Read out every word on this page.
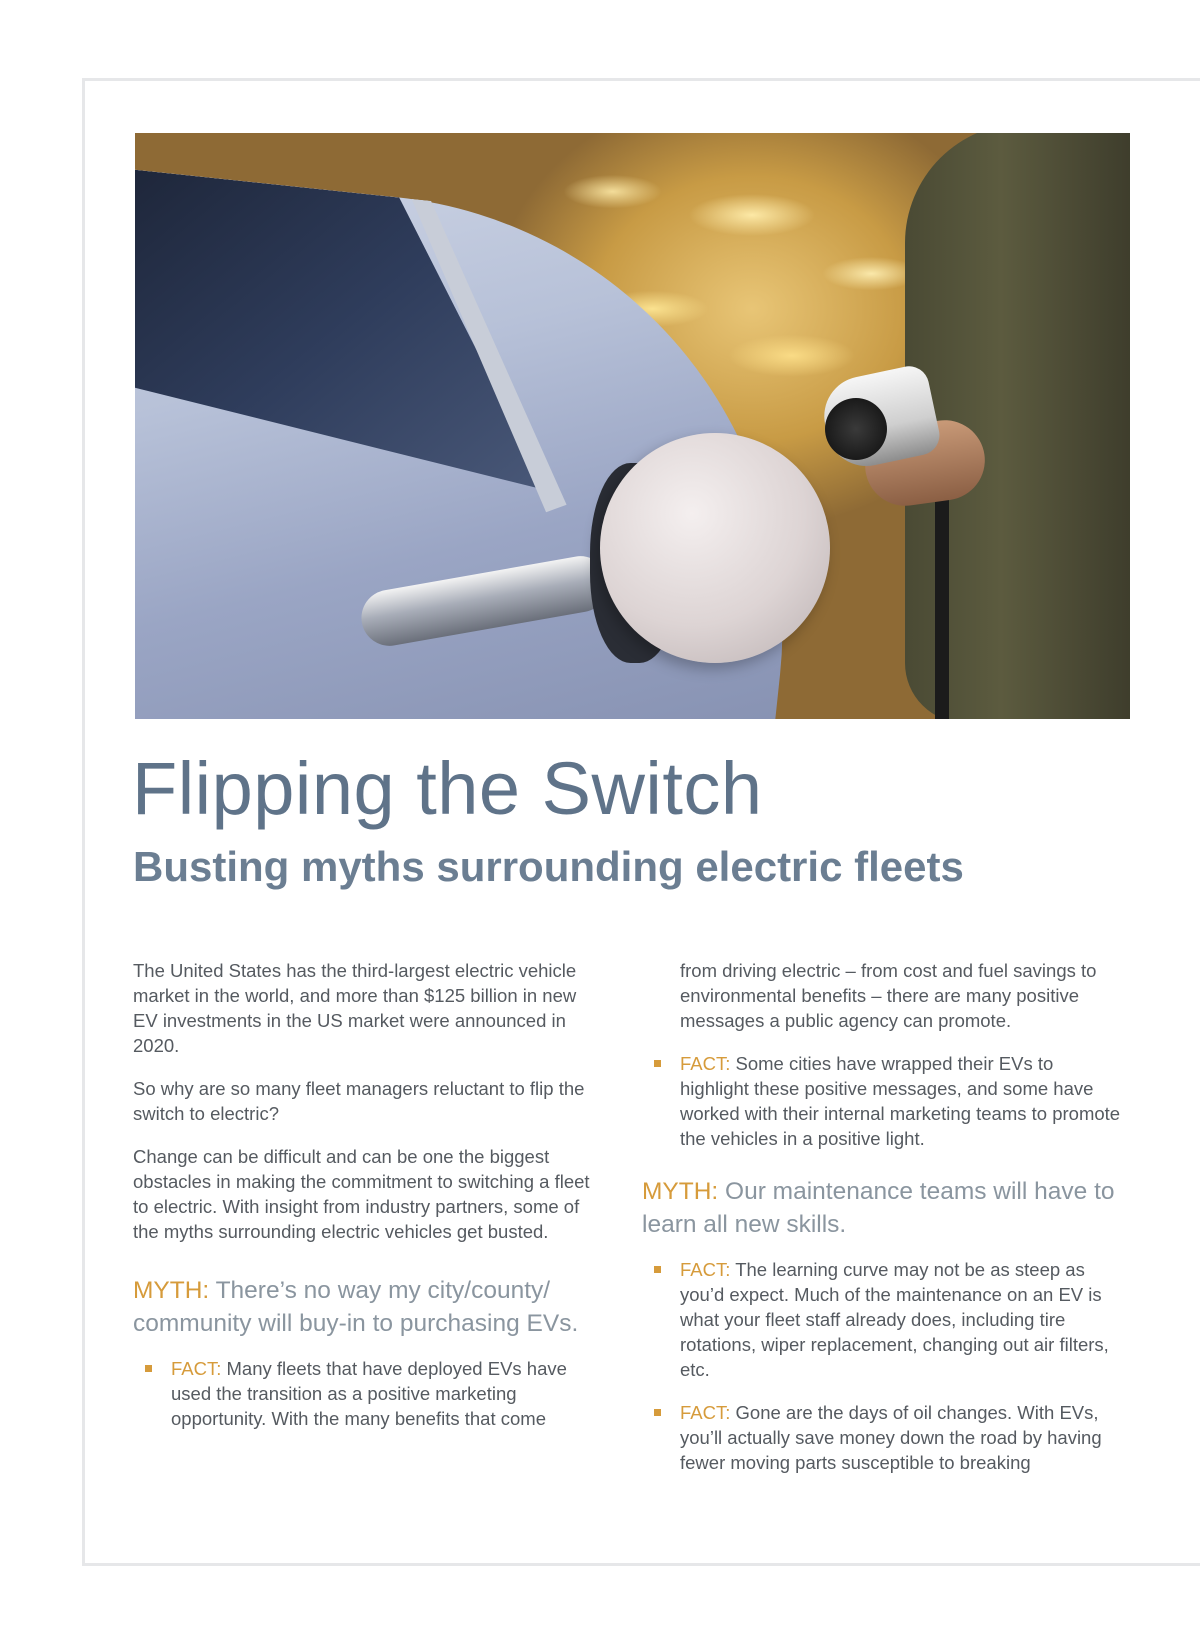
Flipping the Switch
Busting myths surrounding electric fleets

The United States has the third-largest electric vehicle market in the world, and more than $125 billion in new EV investments in the US market were announced in 2020.

So why are so many fleet managers reluctant to flip the switch to electric?

Change can be difficult and can be one the biggest obstacles in making the commitment to switching a fleet to electric. With insight from industry partners, some of the myths surrounding electric vehicles get busted.

MYTH: There’s no way my city/county/ community will buy-in to purchasing EVs.

FACT: Many fleets that have deployed EVs have used the transition as a positive marketing opportunity. With the many benefits that come

from driving electric – from cost and fuel savings to environmental benefits – there are many positive messages a public agency can promote.

FACT: Some cities have wrapped their EVs to highlight these positive messages, and some have worked with their internal marketing teams to promote the vehicles in a positive light.

MYTH: Our maintenance teams will have to learn all new skills.

FACT: The learning curve may not be as steep as you’d expect. Much of the maintenance on an EV is what your fleet staff already does, including tire rotations, wiper replacement, changing out air filters, etc.
FACT: Gone are the days of oil changes. With EVs, you’ll actually save money down the road by having fewer moving parts susceptible to breaking
